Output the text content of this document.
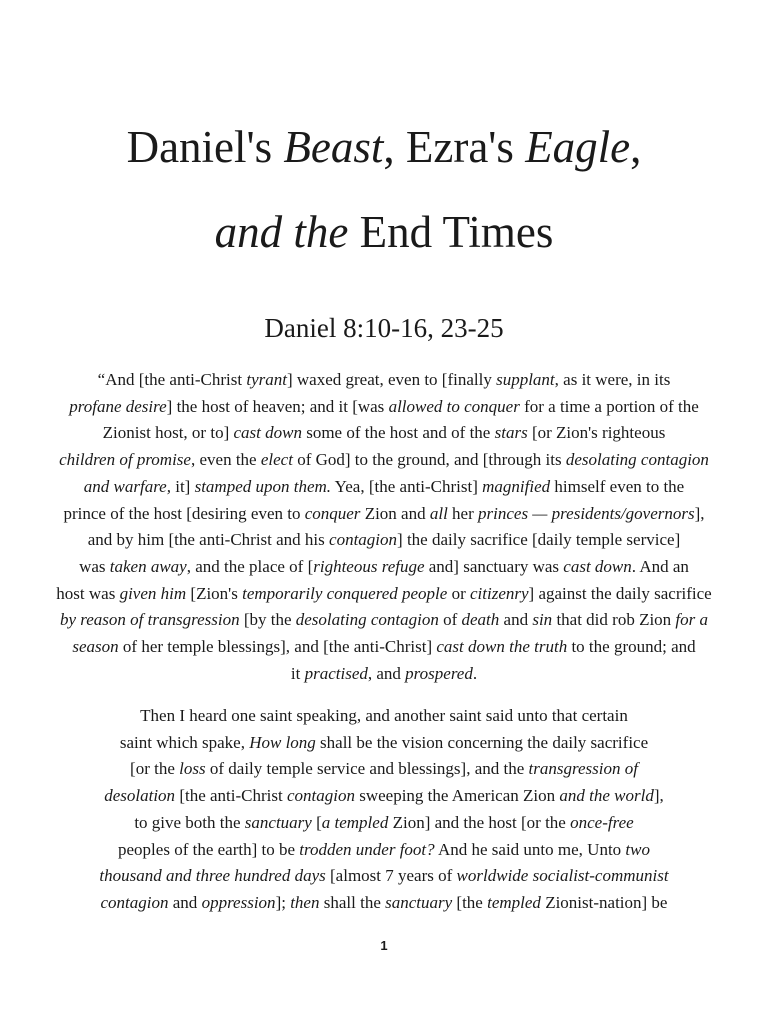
Daniel's Beast, Ezra's Eagle,
and the End Times
Daniel 8:10-16, 23-25
“And [the anti-Christ tyrant] waxed great, even to [finally supplant, as it were, in its
profane desire] the host of heaven; and it [was allowed to conquer for a time a portion of the
Zionist host, or to] cast down some of the host and of the stars [or Zion's righteous
children of promise, even the elect of God] to the ground, and [through its desolating contagion
and warfare, it] stamped upon them. Yea, [the anti-Christ] magnified himself even to the
prince of the host [desiring even to conquer Zion and all her princes — presidents/governors],
and by him [the anti-Christ and his contagion] the daily sacrifice [daily temple service]
was taken away, and the place of [righteous refuge and] sanctuary was cast down. And an
host was given him [Zion's temporarily conquered people or citizenry] against the daily sacrifice
by reason of transgression [by the desolating contagion of death and sin that did rob Zion for a
season of her temple blessings], and [the anti-Christ] cast down the truth to the ground; and
it practised, and prospered.
Then I heard one saint speaking, and another saint said unto that certain
saint which spake, How long shall be the vision concerning the daily sacrifice
[or the loss of daily temple service and blessings], and the transgression of
desolation [the anti-Christ contagion sweeping the American Zion and the world],
to give both the sanctuary [a templed Zion] and the host [or the once-free
peoples of the earth] to be trodden under foot? And he said unto me, Unto two
thousand and three hundred days [almost 7 years of worldwide socialist-communist
contagion and oppression]; then shall the sanctuary [the templed Zionist-nation] be
1
